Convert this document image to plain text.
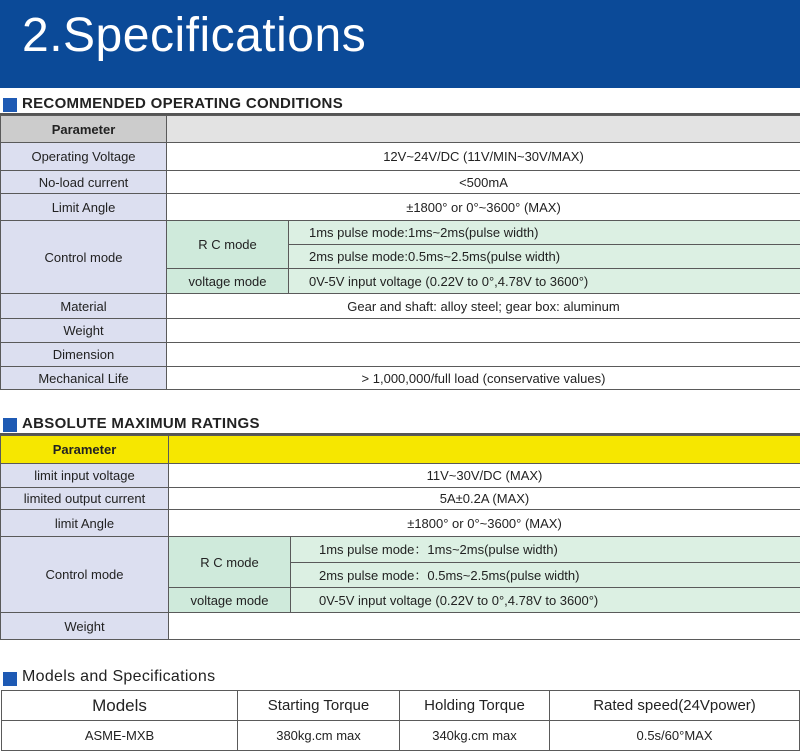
2.Specifications
RECOMMENDED OPERATING CONDITIONS
Parameter		
Operating Voltage	12V~24V/DC (11V/MIN~30V/MAX)	
No-load current	<500mA	
Limit Angle	±1800° or 0°~3600° (MAX)	
Control mode	R C mode	1ms pulse mode:1ms~2ms(pulse width)
		2ms pulse mode:0.5ms~2.5ms(pulse width)
	voltage mode	0V-5V input voltage (0.22V to 0°,4.78V to 3600°)
Material	Gear and shaft: alloy steel; gear box: aluminum	
Weight		
Dimension		
Mechanical Life	> 1,000,000/full load (conservative values)	
ABSOLUTE MAXIMUM RATINGS
Parameter		
limit input voltage	11V~30V/DC (MAX)	
limited output current	5A±0.2A (MAX)	
limit Angle	±1800° or 0°~3600° (MAX)	
Control mode	R C mode	1ms pulse mode：1ms~2ms(pulse width)
		2ms pulse mode：0.5ms~2.5ms(pulse width)
	voltage mode	0V-5V input voltage (0.22V to 0°,4.78V to 3600°)
Weight		
Models and Specifications
Models	Starting Torque	Holding Torque	Rated speed(24Vpower)
ASME-MXB	380kg.cm max	340kg.cm max	0.5s/60°MAX
